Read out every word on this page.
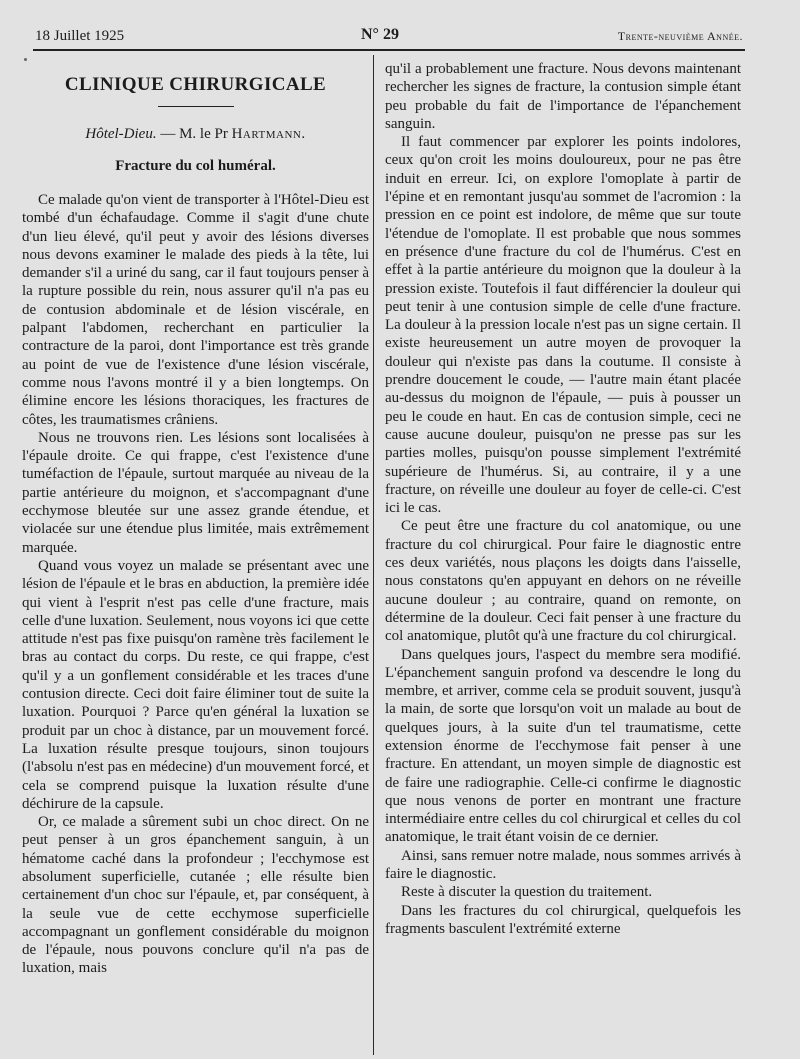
18 Juillet 1925	N° 29	Trente-neuvième Année.
CLINIQUE CHIRURGICALE
Hôtel-Dieu. — M. le Pr Hartmann.
Fracture du col huméral.

Ce malade qu'on vient de transporter à l'Hôtel-Dieu est tombé d'un échafaudage. Comme il s'agit d'une chute d'un lieu élevé, qu'il peut y avoir des lésions diverses nous devons examiner le malade des pieds à la tête, lui demander s'il a uriné du sang, car il faut toujours penser à la rupture possible du rein, nous assurer qu'il n'a pas eu de contusion abdominale et de lésion viscérale, en palpant l'abdomen, recherchant en particulier la contracture de la paroi, dont l'importance est très grande au point de vue de l'existence d'une lésion viscérale, comme nous l'avons montré il y a bien longtemps. On élimine encore les lésions thoraciques, les fractures de côtes, les traumatismes crâniens.

Nous ne trouvons rien. Les lésions sont localisées à l'épaule droite. Ce qui frappe, c'est l'existence d'une tuméfaction de l'épaule, surtout marquée au niveau de la partie antérieure du moignon, et s'accompagnant d'une ecchymose bleutée sur une assez grande étendue, et violacée sur une étendue plus limitée, mais extrêmement marquée.

Quand vous voyez un malade se présentant avec une lésion de l'épaule et le bras en abduction, la première idée qui vient à l'esprit n'est pas celle d'une fracture, mais celle d'une luxation. Seulement, nous voyons ici que cette attitude n'est pas fixe puisqu'on ramène très facilement le bras au contact du corps. Du reste, ce qui frappe, c'est qu'il y a un gonflement considérable et les traces d'une contusion directe. Ceci doit faire éliminer tout de suite la luxation. Pourquoi ? Parce qu'en général la luxation se produit par un choc à distance, par un mouvement forcé. La luxation résulte presque toujours, sinon toujours (l'absolu n'est pas en médecine) d'un mouvement forcé, et cela se comprend puisque la luxation résulte d'une déchirure de la capsule.

Or, ce malade a sûrement subi un choc direct. On ne peut penser à un gros épanchement sanguin, à un hématome caché dans la profondeur ; l'ecchymose est absolument superficielle, cutanée ; elle résulte bien certainement d'un choc sur l'épaule, et, par conséquent, à la seule vue de cette ecchymose superficielle accompagnant un gonflement considérable du moignon de l'épaule, nous pouvons conclure qu'il n'a pas de luxation, mais

qu'il a probablement une fracture. Nous devons maintenant rechercher les signes de fracture, la contusion simple étant peu probable du fait de l'importance de l'épanchement sanguin.

Il faut commencer par explorer les points indolores, ceux qu'on croit les moins douloureux, pour ne pas être induit en erreur. Ici, on explore l'omoplate à partir de l'épine et en remontant jusqu'au sommet de l'acromion : la pression en ce point est indolore, de même que sur toute l'étendue de l'omoplate. Il est probable que nous sommes en présence d'une fracture du col de l'humérus. C'est en effet à la partie antérieure du moignon que la douleur à la pression existe. Toutefois il faut différencier la douleur qui peut tenir à une contusion simple de celle d'une fracture. La douleur à la pression locale n'est pas un signe certain. Il existe heureusement un autre moyen de provoquer la douleur qui n'existe pas dans la coutume. Il consiste à prendre doucement le coude, — l'autre main étant placée au-dessus du moignon de l'épaule, — puis à pousser un peu le coude en haut. En cas de contusion simple, ceci ne cause aucune douleur, puisqu'on ne presse pas sur les parties molles, puisqu'on pousse simplement l'extrémité supérieure de l'humérus. Si, au contraire, il y a une fracture, on réveille une douleur au foyer de celle-ci. C'est ici le cas.

Ce peut être une fracture du col anatomique, ou une fracture du col chirurgical. Pour faire le diagnostic entre ces deux variétés, nous plaçons les doigts dans l'aisselle, nous constatons qu'en appuyant en dehors on ne réveille aucune douleur ; au contraire, quand on remonte, on détermine de la douleur. Ceci fait penser à une fracture du col anatomique, plutôt qu'à une fracture du col chirurgical.

Dans quelques jours, l'aspect du membre sera modifié. L'épanchement sanguin profond va descendre le long du membre, et arriver, comme cela se produit souvent, jusqu'à la main, de sorte que lorsqu'on voit un malade au bout de quelques jours, à la suite d'un tel traumatisme, cette extension énorme de l'ecchymose fait penser à une fracture. En attendant, un moyen simple de diagnostic est de faire une radiographie. Celle-ci confirme le diagnostic que nous venons de porter en montrant une fracture intermédiaire entre celles du col chirurgical et celles du col anatomique, le trait étant voisin de ce dernier.

Ainsi, sans remuer notre malade, nous sommes arrivés à faire le diagnostic.

Reste à discuter la question du traitement.

Dans les fractures du col chirurgical, quelquefois les fragments basculent l'extrémité externe
